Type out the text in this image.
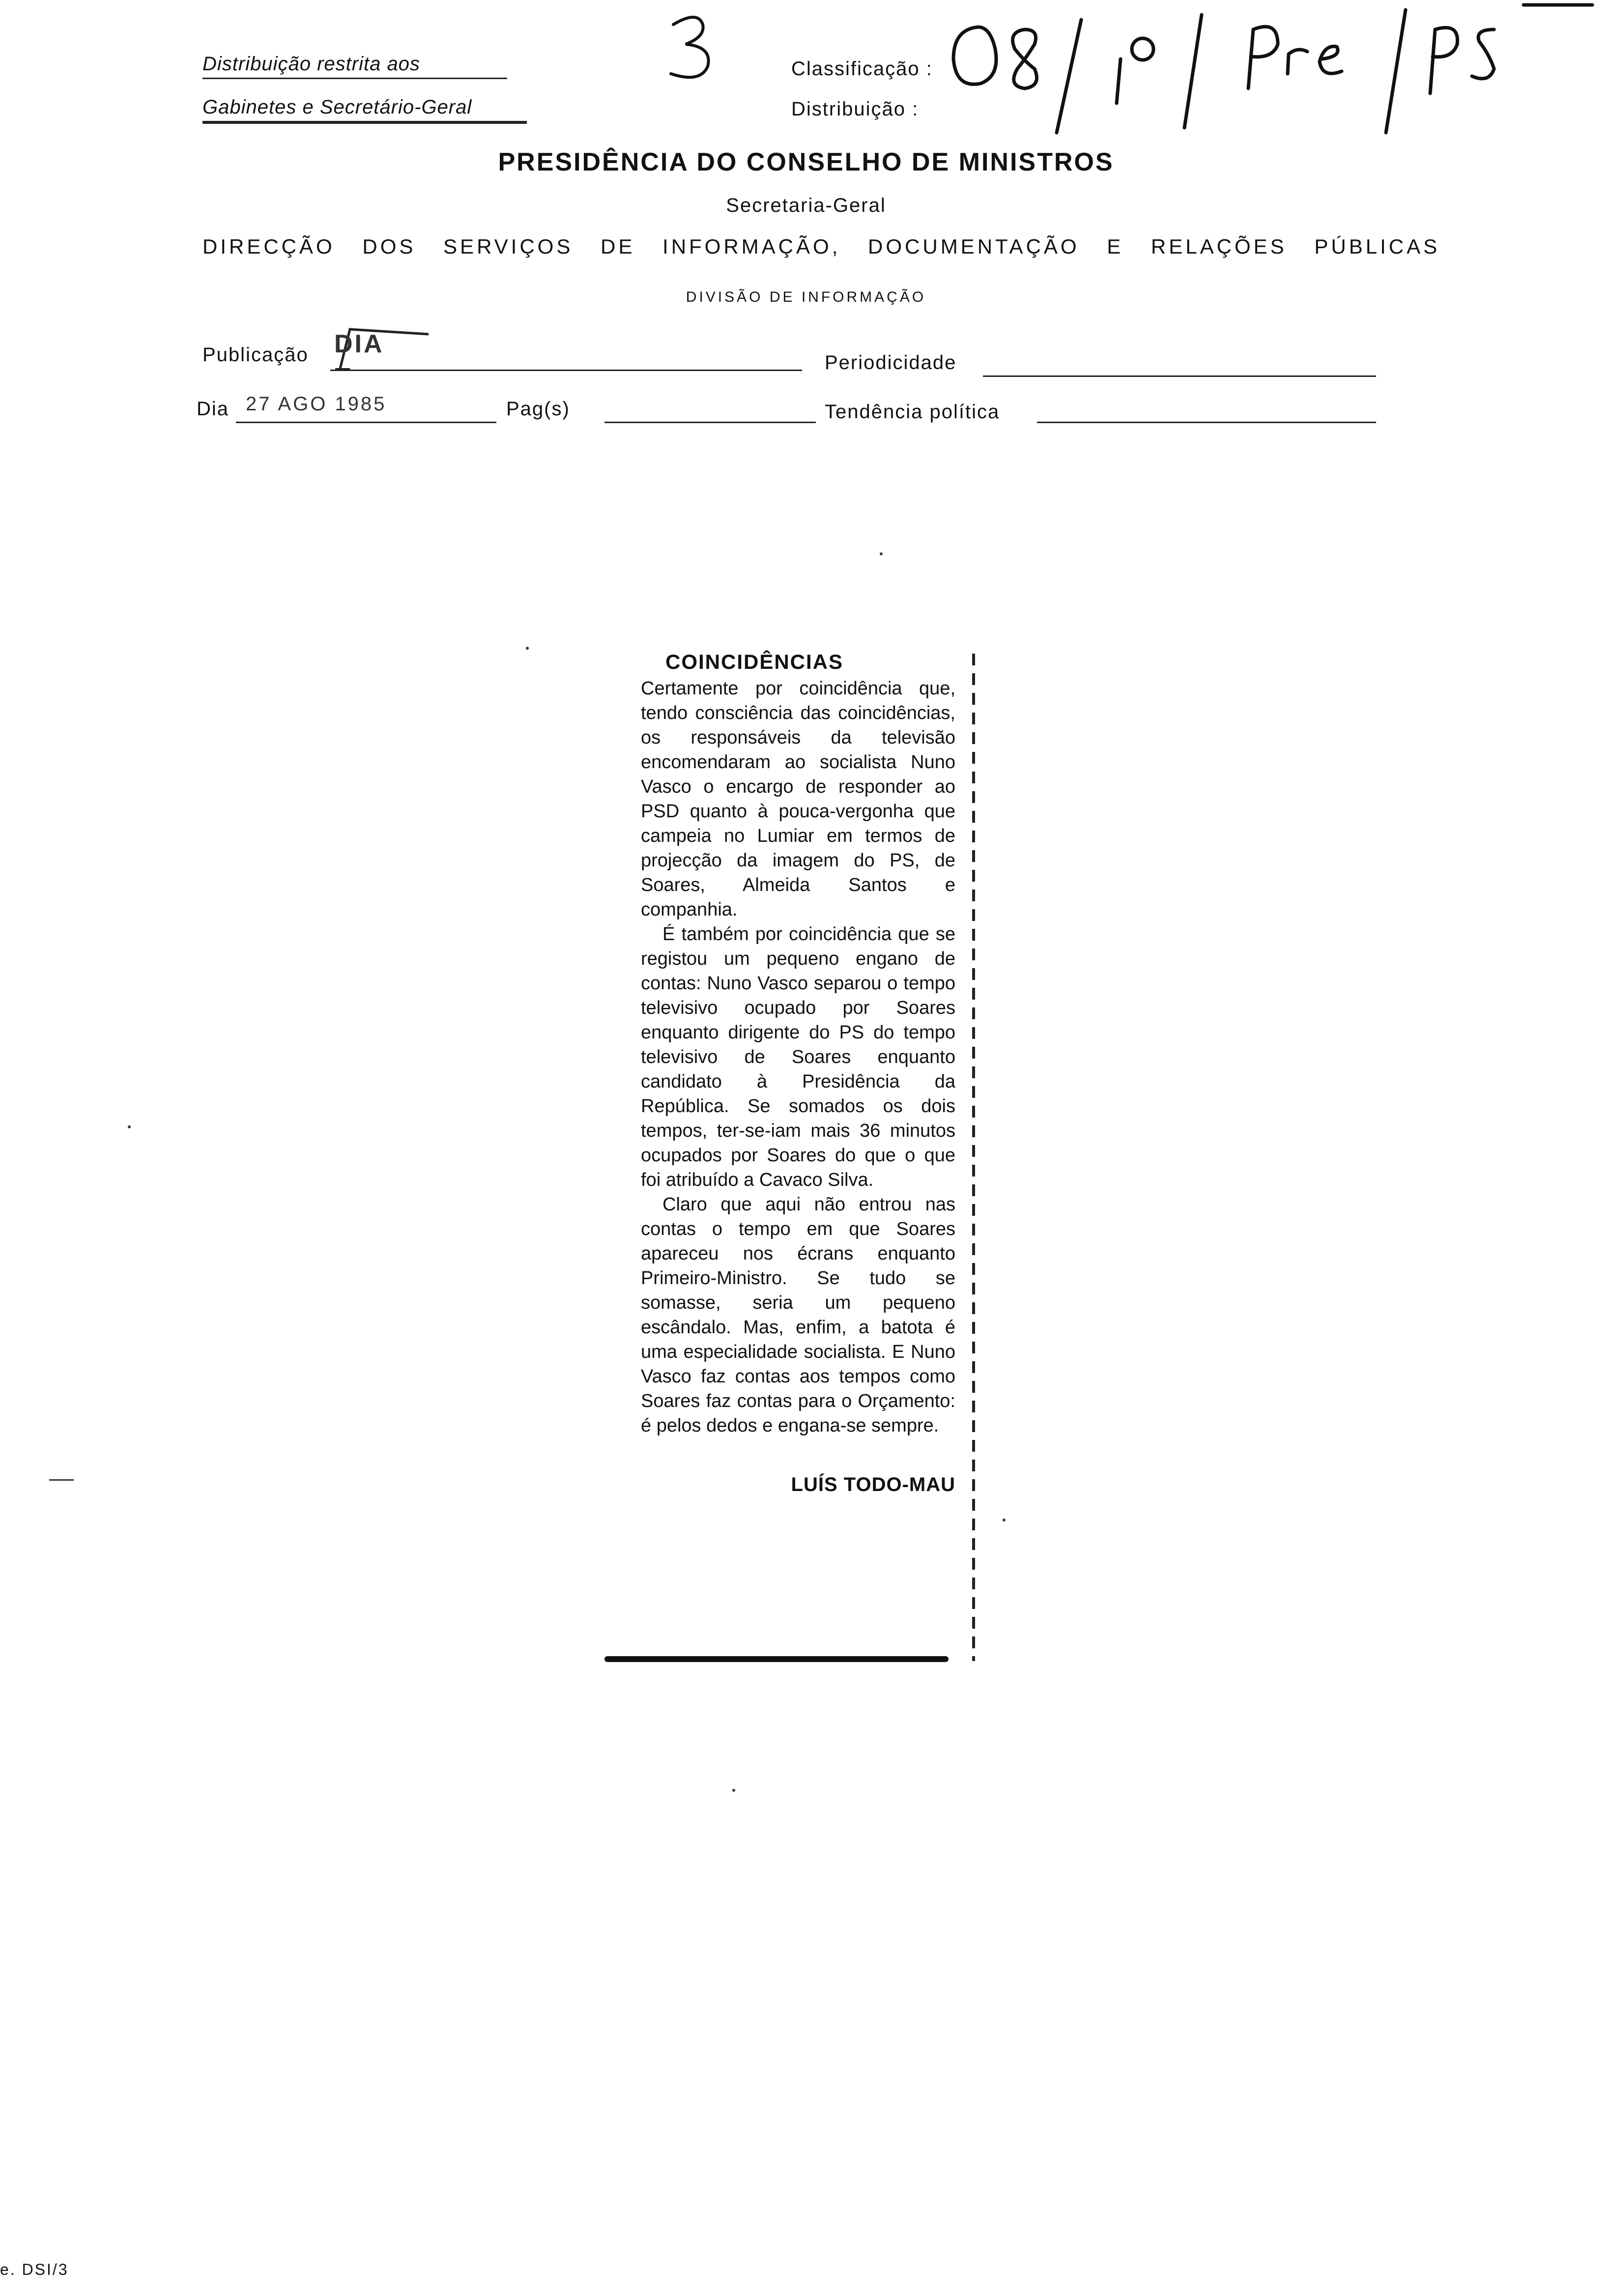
Distribuição restrita aos
Gabinetes e Secretário-Geral
Classificação :
Distribuição :
PRESIDÊNCIA DO CONSELHO DE MINISTROS
Secretaria-Geral
DIRECÇÃO DOS SERVIÇOS DE INFORMAÇÃO, DOCUMENTAÇÃO E RELAÇÕES PÚBLICAS
DIVISÃO DE INFORMAÇÃO
Publicação DIA
Periodicidade
Dia 27 AGO 1985	Pag(s)	Tendência política
COINCIDÊNCIAS

Certamente por coincidência que, tendo consciência das coincidências, os responsáveis da televisão encomendaram ao socialista Nuno Vasco o encargo de responder ao PSD quanto à pouca-vergonha que campeia no Lumiar em termos de projecção da imagem do PS, de Soares, Almeida Santos e companhia.

É também por coincidência que se registou um pequeno engano de contas: Nuno Vasco separou o tempo televisivo ocupado por Soares enquanto dirigente do PS do tempo televisivo de Soares enquanto candidato à Presidência da República. Se somados os dois tempos, ter-se-iam mais 36 minutos ocupados por Soares do que o que foi atribuído a Cavaco Silva.

Claro que aqui não entrou nas contas o tempo em que Soares apareceu nos écrans enquanto Primeiro-Ministro. Se tudo se somasse, seria um pequeno escândalo. Mas, enfim, a batota é uma especialidade socialista. E Nuno Vasco faz contas aos tempos como Soares faz contas para o Orçamento: é pelos dedos e engana-se sempre.

LUÍS TODO-MAU
e. DSI/3
